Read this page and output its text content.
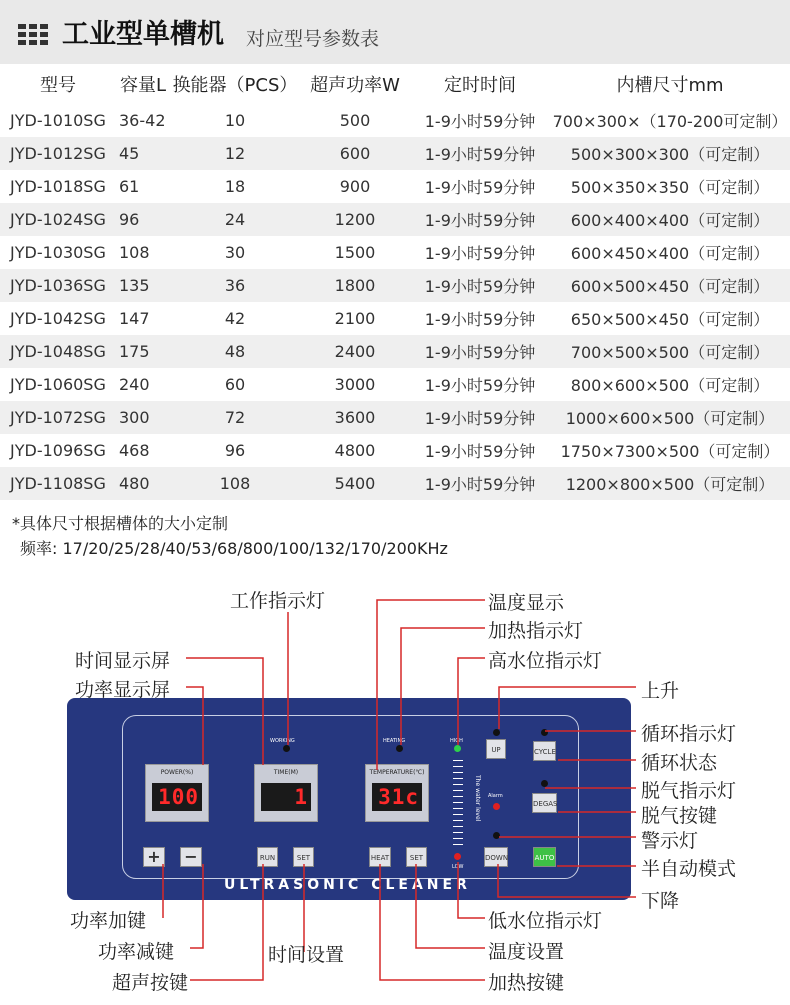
工业型单槽机 对应型号参数表
型号	容量L	换能器（PCS）	超声功率W	定时时间	内槽尺寸mm
JYD-1010SG	36-42	10	500	1-9小时59分钟	700×300×（170-200可定制）
JYD-1012SG	45	12	600	1-9小时59分钟	500×300×300（可定制）
JYD-1018SG	61	18	900	1-9小时59分钟	500×350×350（可定制）
JYD-1024SG	96	24	1200	1-9小时59分钟	600×400×400（可定制）
JYD-1030SG	108	30	1500	1-9小时59分钟	600×450×400（可定制）
JYD-1036SG	135	36	1800	1-9小时59分钟	600×500×450（可定制）
JYD-1042SG	147	42	2100	1-9小时59分钟	650×500×450（可定制）
JYD-1048SG	175	48	2400	1-9小时59分钟	700×500×500（可定制）
JYD-1060SG	240	60	3000	1-9小时59分钟	800×600×500（可定制）
JYD-1072SG	300	72	3600	1-9小时59分钟	1000×600×500（可定制）
JYD-1096SG	468	96	4800	1-9小时59分钟	1750×7300×500（可定制）
JYD-1108SG	480	108	5400	1-9小时59分钟	1200×800×500（可定制）
*具体尺寸根据槽体的大小定制
频率: 17/20/25/28/40/53/68/800/100/132/170/200KHz
ULTRASONIC CLEANER
POWER(%)
100
TIME(M)
1
TEMPERATURE(℃)
31c
WORKING	HEATING	HIGH
LOW
Alarm
UP
DOWN
CYCLE
DEGAS
AUTO
+ −	RUN	SET	HEAT	SET
The water level
工作指示灯
时间显示屏
功率显示屏
温度显示
加热指示灯
高水位指示灯
上升
循环指示灯
循环状态
脱气指示灯
脱气按键
警示灯
半自动模式
下降
低水位指示灯
温度设置
加热按键
功率加键
功率减键	时间设置
超声按键
